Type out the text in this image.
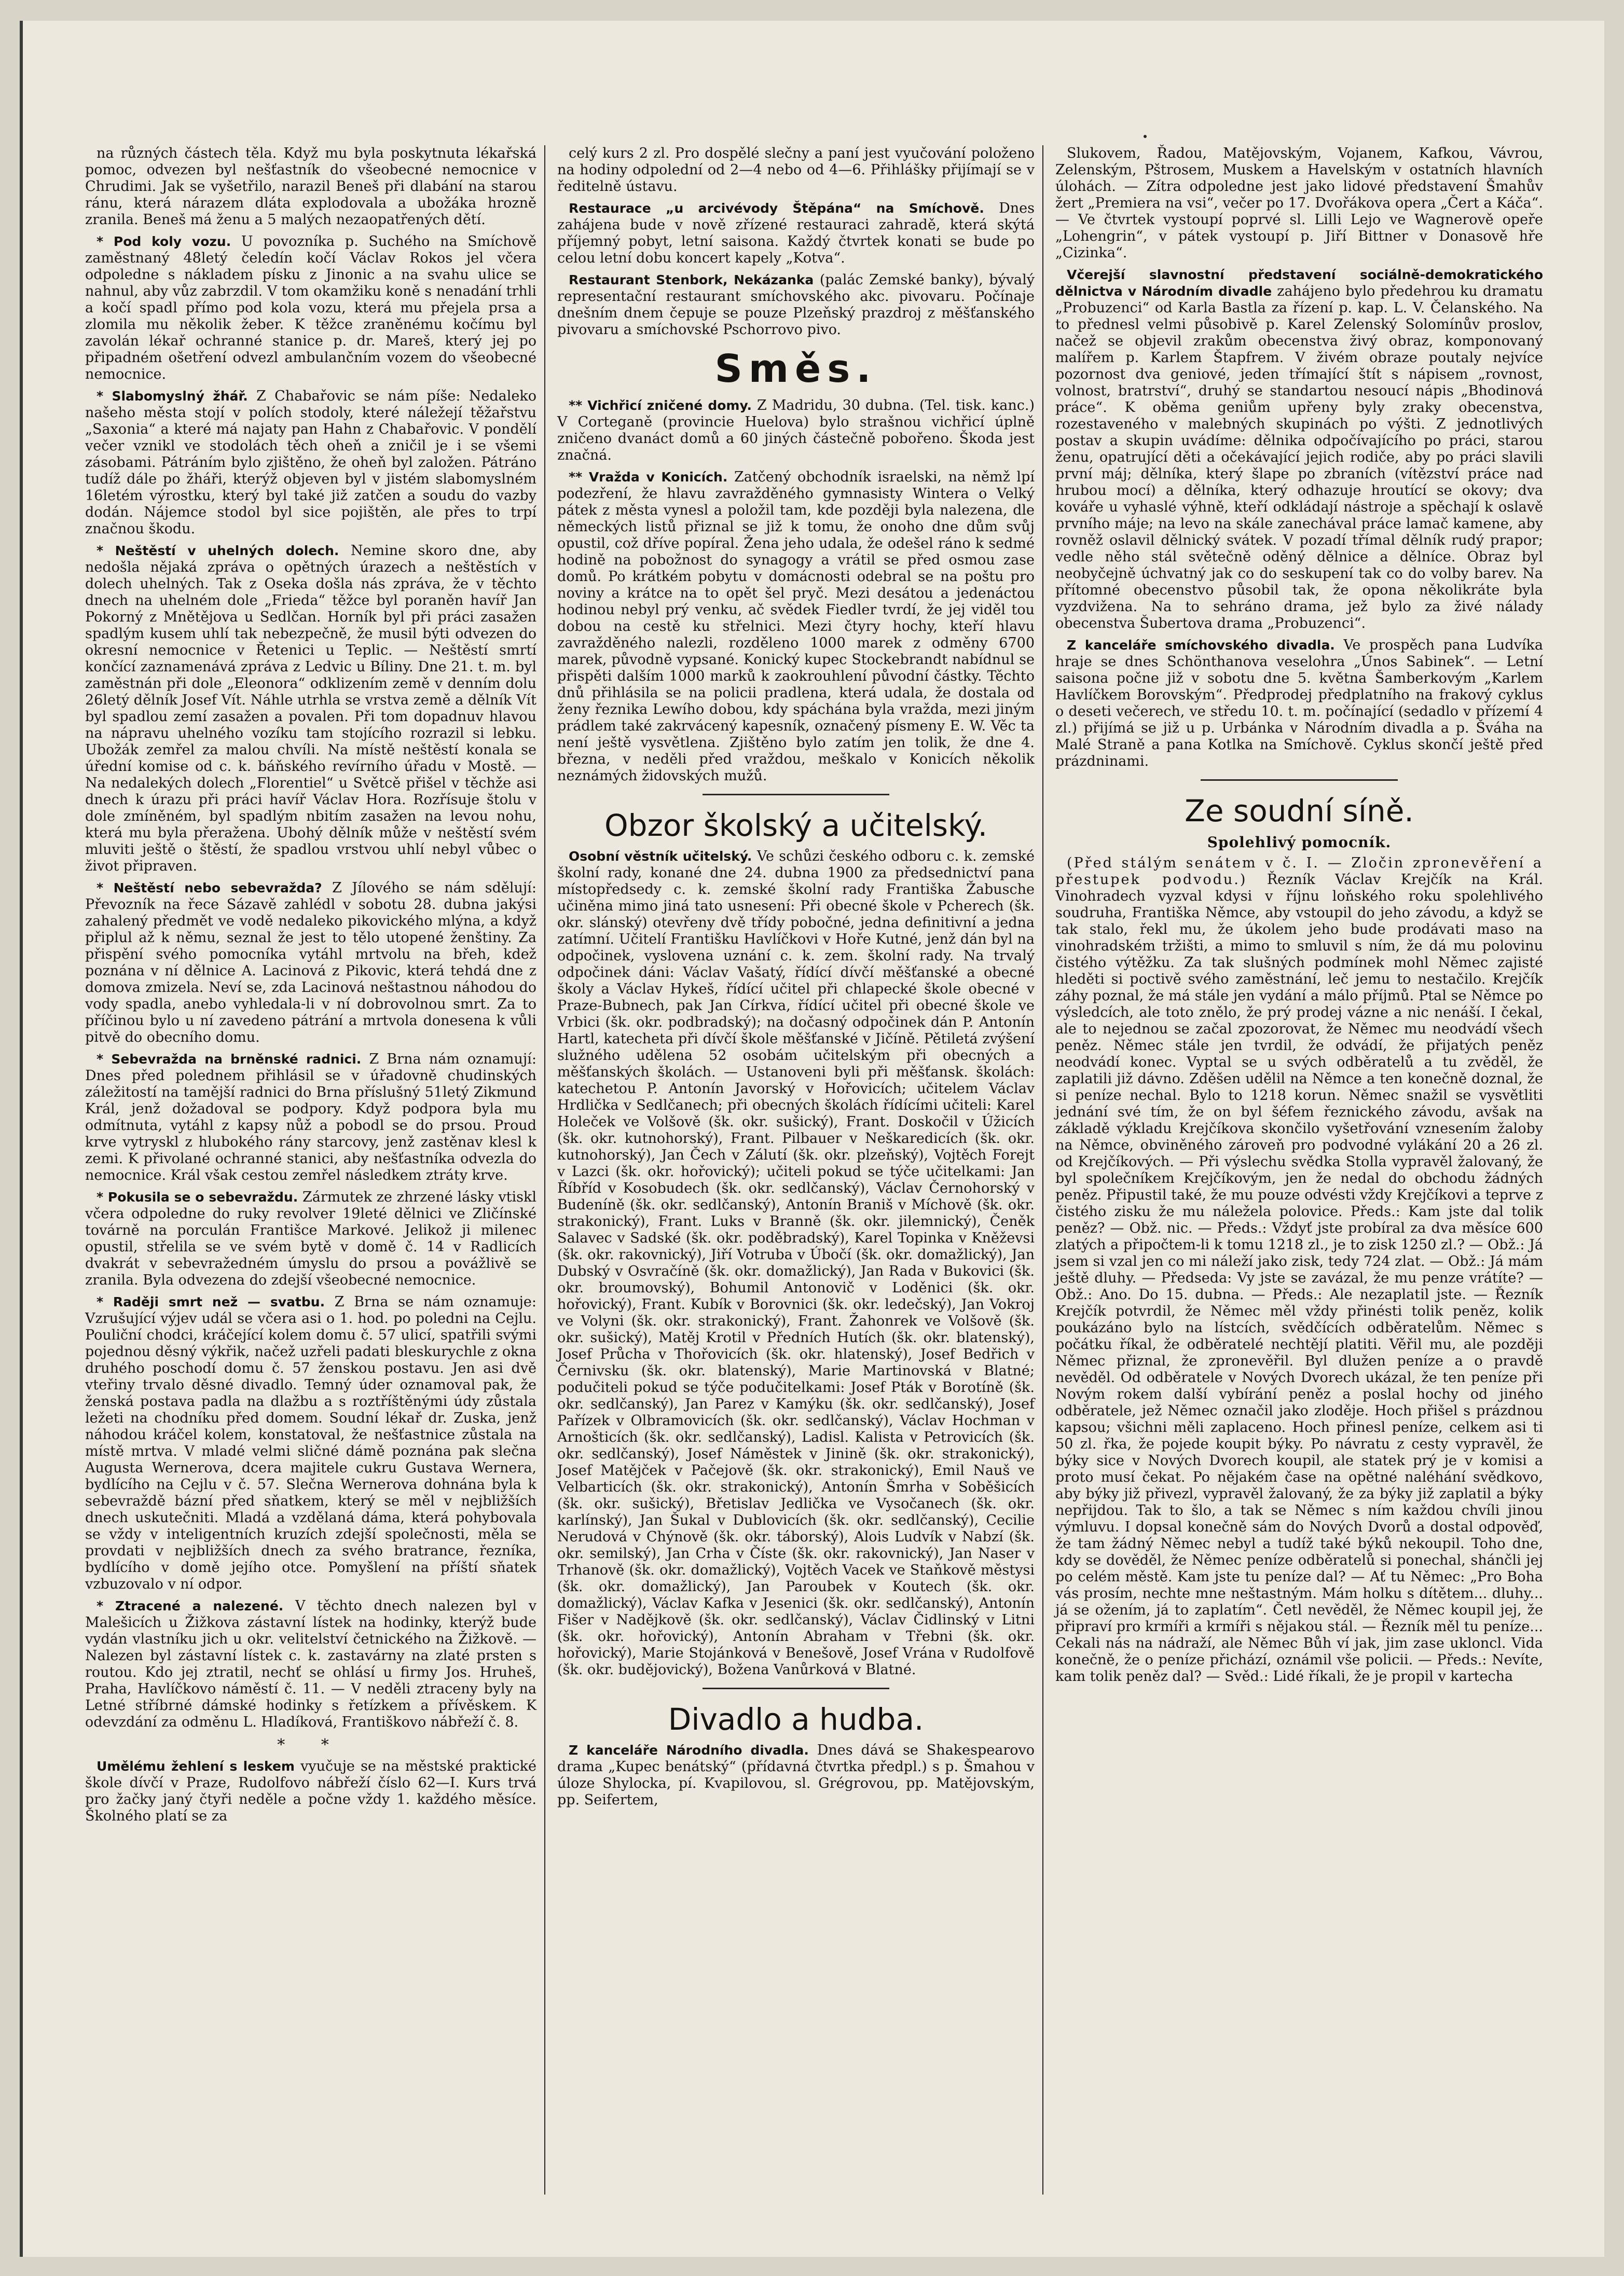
na různých částech těla. Když mu byla poskytnuta lékařská pomoc, odvezen byl nešťastník do všeobecné nemocnice v Chrudimi. Jak se vyšetřilo, narazil Beneš při dlabání na starou ránu, která nárazem dláta explodovala a ubožáka hrozně zranila. Beneš má ženu a 5 malých nezaopatřených dětí.

* Pod koly vozu. U povozníka p. Suchého na Smíchově zaměstnaný 48letý čeledín kočí Václav Rokos jel včera odpoledne s nákladem písku z Jinonic a na svahu ulice se nahnul, aby vůz zabrzdil. V tom okamžiku koně s nenadání trhli a kočí spadl přímo pod kola vozu, která mu přejela prsa a zlomila mu několik žeber. K těžce zraněnému kočímu byl zavolán lékař ochranné stanice p. dr. Mareš, který jej po připadném ošetření odvezl ambulančním vozem do všeobecné nemocnice.

* Slabomyslný žhář. Z Chabařovic se nám píše: Nedaleko našeho města stojí v polích stodoly, které náležejí těžařstvu „Saxonia“ a které má najaty pan Hahn z Chabařovic. V pondělí večer vznikl ve stodolách těch oheň a zničil je i se všemi zásobami. Pátráním bylo zjištěno, že oheň byl založen. Pátráno tudíž dále po žháři, kterýž objeven byl v jistém slabomyslném 16letém výrostku, který byl také již zatčen a soudu do vazby dodán. Nájemce stodol byl sice pojištěn, ale přes to trpí značnou škodu.

* Neštěstí v uhelných dolech. Nemine skoro dne, aby nedošla nějaká zpráva o opětných úrazech a neštěstích v dolech uhelných. Tak z Oseka došla nás zpráva, že v těchto dnech na uhelném dole „Frieda“ těžce byl poraněn havíř Jan Pokorný z Mnětějova u Sedlčan. Horník byl při práci zasažen spadlým kusem uhlí tak nebezpečně, že musil býti odvezen do okresní nemocnice v Řetenici u Teplic. — Neštěstí smrtí končící zaznamenává zpráva z Ledvic u Bíliny. Dne 21. t. m. byl zaměstnán při dole „Eleonora“ odklizením země v denním dolu 26letý dělník Josef Vít. Náhle utrhla se vrstva země a dělník Vít byl spadlou zemí zasažen a povalen. Při tom dopadnuv hlavou na nápravu uhelného vozíku tam stojícího rozrazil si lebku. Ubožák zemřel za malou chvíli. Na místě neštěstí konala se úřední komise od c. k. báňského revírního úřadu v Mostě. — Na nedalekých dolech „Florentiel“ u Světcě přišel v těchže asi dnech k úrazu při práci havíř Václav Hora. Rozřísuje štolu v dole zmíněném, byl spadlým nbitím zasažen na levou nohu, která mu byla přeražena. Ubohý dělník může v neštěstí svém mluviti ještě o štěstí, že spadlou vrstvou uhlí nebyl vůbec o život připraven.

* Neštěstí nebo sebevražda? Z Jílového se nám sdělují: Převozník na řece Sázavě zahlédl v sobotu 28. dubna jakýsi zahalený předmět ve vodě nedaleko pikovického mlýna, a když připlul až k němu, seznal že jest to tělo utopené ženštiny. Za přispění svého pomocníka vytáhl mrtvolu na břeh, kdež poznána v ní dělnice A. Lacinová z Pikovic, která tehdá dne z domova zmizela. Neví se, zda Lacinová neštastnou náhodou do vody spadla, anebo vyhledala-li v ní dobrovolnou smrt. Za to příčinou bylo u ní zavedeno pátrání a mrtvola donesena k vůli pitvě do obecního domu.

* Sebevražda na brněnské radnici. Z Brna nám oznamují: Dnes před polednem přihlásil se v úřadovně chudinských záležitostí na tamější radnici do Brna příslušný 51letý Zikmund Král, jenž dožadoval se podpory. Když podpora byla mu odmítnuta, vytáhl z kapsy nůž a pobodl se do prsou. Proud krve vytryskl z hlubokého rány starcovy, jenž zastěnav klesl k zemi. K přivolané ochranné stanici, aby nešťastníka odvezla do nemocnice. Král však cestou zemřel následkem ztráty krve.

* Pokusila se o sebevraždu. Zármutek ze zhrzené lásky vtiskl včera odpoledne do ruky revolver 19leté dělnici ve Zličínské továrně na porculán Františce Markové. Jelikož ji milenec opustil, střelila se ve svém bytě v domě č. 14 v Radlicích dvakrát v sebevražedném úmyslu do prsou a povážlivě se zranila. Byla odvezena do zdejší všeobecné nemocnice.

* Raději smrt než — svatbu. Z Brna se nám oznamuje: Vzrušující výjev udál se včera asi o 1. hod. po poledni na Cejlu. Pouliční chodci, kráčející kolem domu č. 57 ulicí, spatřili svými pojednou děsný výkřik, načež uzřeli padati bleskurychle z okna druhého poschodí domu č. 57 ženskou postavu. Jen asi dvě vteřiny trvalo děsné divadlo. Temný úder oznamoval pak, že ženská postava padla na dlažbu a s roztříštěnými údy zůstala ležeti na chodníku před domem. Soudní lékař dr. Zuska, jenž náhodou kráčel kolem, konstatoval, že nešťastnice zůstala na místě mrtva. V mladé velmi sličné dámě poznána pak slečna Augusta Wernerova, dcera majitele cukru Gustava Wernera, bydlícího na Cejlu v č. 57. Slečna Wernerova dohnána byla k sebevraždě bázní před sňatkem, který se měl v nejbližších dnech uskutečniti. Mladá a vzdělaná dáma, která pohybovala se vždy v inteligentních kruzích zdejší společnosti, měla se provdati v nejbližších dnech za svého bratrance, řezníka, bydlícího v domě jejího otce. Pomyšlení na příští sňatek vzbuzovalo v ní odpor.

* Ztracené a nalezené. V těchto dnech nalezen byl v Malešicích u Žižkova zástavní lístek na hodinky, kterýž bude vydán vlastníku jich u okr. velitelství četnického na Žižkově. — Nalezen byl zástavní lístek c. k. zastavárny na zlaté prsten s routou. Kdo jej ztratil, nechť se ohlásí u firmy Jos. Hruheš, Praha, Havlíčkovo náměstí č. 11. — V neděli ztraceny byly na Letné stříbrné dámské hodinky s řetízkem a přívěskem. K odevzdání za odměnu L. Hladíková, Františkovo nábřeží č. 8.

* *

Umělému žehlení s leskem vyučuje se na městské praktické škole dívčí v Praze, Rudolfovo nábřeží číslo 62—I. Kurs trvá pro žačky janý čtyři neděle a počne vždy 1. každého měsíce. Školného platí se za

celý kurs 2 zl. Pro dospělé slečny a paní jest vyučování položeno na hodiny odpolední od 2—4 nebo od 4—6. Přihlášky přijímají se v ředitelně ústavu.

Restaurace „u arcivévody Štěpána“ na Smíchově. Dnes zahájena bude v nově zřízené restauraci zahradě, která skýtá příjemný pobyt, letní saisona. Každý čtvrtek konati se bude po celou letní dobu koncert kapely „Kotva“.

Restaurant Stenbork, Nekázanka (palác Zemské banky), bývalý representační restaurant smíchovského akc. pivovaru. Počínaje dnešním dnem čepuje se pouze Plzeňský prazdroj z měšťanského pivovaru a smíchovské Pschorrovo pivo.

Směs.

** Vichřicí zničené domy. Z Madridu, 30 dubna. (Tel. tisk. kanc.) V Corteganě (provincie Huelova) bylo strašnou vichřicí úplně zničeno dvanáct domů a 60 jiných částečně pobořeno. Škoda jest značná.

** Vražda v Konicích. Zatčený obchodník israelski, na němž lpí podezření, že hlavu zavražděného gymnasisty Wintera o Velký pátek z města vynesl a položil tam, kde později byla nalezena, dle německých listů přiznal se již k tomu, že onoho dne dům svůj opustil, což dříve popíral. Žena jeho udala, že odešel ráno k sedmé hodině na pobožnost do synagogy a vrátil se před osmou zase domů. Po krátkém pobytu v domácnosti odebral se na poštu pro noviny a krátce na to opět šel pryč. Mezi desátou a jedenáctou hodinou nebyl prý venku, ač svědek Fiedler tvrdí, že jej viděl tou dobou na cestě ku střelnici. Mezi čtyry hochy, kteří hlavu zavražděného nalezli, rozděleno 1000 marek z odměny 6700 marek, původně vypsané. Konický kupec Stockebrandt nabídnul se přispěti dalším 1000 marků k zaokrouhlení původní částky. Těchto dnů přihlásila se na policii pradlena, která udala, že dostala od ženy řeznika Lewího dobou, kdy spáchána byla vražda, mezi jiným prádlem také zakrvácený kapesník, označený písmeny E. W. Věc ta není ještě vysvětlena. Zjištěno bylo zatím jen tolik, že dne 4. března, v neděli před vraždou, meškalo v Konicích několik neznámých židovských mužů.

Obzor školský a učitelský.

Osobní věstník učitelský. Ve schůzi českého odboru c. k. zemské školní rady, konané dne 24. dubna 1900 za předsednictví pana místopředsedy c. k. zemské školní rady Františka Žabusche učiněna mimo jiná tato usnesení: Při obecné škole v Pcherech (šk. okr. slánský) otevřeny dvě třídy pobočné, jedna definitivní a jedna zatímní. Učitelí Františku Havlíčkovi v Hoře Kutné, jenž dán byl na odpočinek, vyslovena uznání c. k. zem. školní rady. Na trvalý odpočinek dáni: Václav Vašatý, řídící dívčí měšťanské a obecné školy a Václav Hykeš, řídící učitel při chlapecké škole obecné v Praze-Bubnech, pak Jan Církva, řídící učitel při obecné škole ve Vrbici (šk. okr. podbradský); na dočasný odpočinek dán P. Antonín Hartl, katecheta při dívčí škole měšťanské v Jičíně. Pětiletá zvýšení služného udělena 52 osobám učitelským při obecných a měšťanských školách. — Ustanoveni byli při měšťansk. školách: katechetou P. Antonín Javorský v Hořovicích; učitelem Václav Hrdlička v Sedlčanech; při obecných školách řídícími učiteli: Karel Holeček ve Volšově (šk. okr. sušický), Frant. Doskočil v Úžicích (šk. okr. kutnohorský), Frant. Pilbauer v Neškaredicích (šk. okr. kutnohorský), Jan Čech v Zálutí (šk. okr. plzeňský), Vojtěch Forejt v Lazci (šk. okr. hořovický); učiteli pokud se týče učitelkami: Jan Říbříd v Kosobudech (šk. okr. sedlčanský), Václav Černohorský v Budeníně (šk. okr. sedlčanský), Antonín Braniš v Míchově (šk. okr. strakonický), Frant. Luks v Branně (šk. okr. jilemnický), Čeněk Salavec v Sadské (šk. okr. poděbradský), Karel Topinka v Kněževsi (šk. okr. rakovnický), Jiří Votruba v Úbočí (šk. okr. domažlický), Jan Dubský v Osvračíně (šk. okr. domažlický), Jan Rada v Bukovici (šk. okr. broumovský), Bohumil Antonovič v Loděnici (šk. okr. hořovický), Frant. Kubík v Borovnici (šk. okr. ledečský), Jan Vokroj ve Volyni (šk. okr. strakonický), Frant. Žahonrek ve Volšově (šk. okr. sušický), Matěj Krotil v Předních Hutích (šk. okr. blatenský), Josef Průcha v Thořovicích (šk. okr. hlatenský), Josef Bedřich v Černivsku (šk. okr. blatenský), Marie Martinovská v Blatné; podučiteli pokud se týče podučitelkami: Josef Pták v Borotíně (šk. okr. sedlčanský), Jan Parez v Kamýku (šk. okr. sedlčanský), Josef Pařízek v Olbramovicích (šk. okr. sedlčanský), Václav Hochman v Arnošticích (šk. okr. sedlčanský), Ladisl. Kalista v Petrovicích (šk. okr. sedlčanský), Josef Náměstek v Jinině (šk. okr. strakonický), Josef Matějček v Pačejově (šk. okr. strakonický), Emil Nauš ve Velbarticích (šk. okr. strakonický), Antonín Šmrha v Soběšicích (šk. okr. sušický), Břetislav Jedlička ve Vysočanech (šk. okr. karlínský), Jan Šukal v Dublovicích (šk. okr. sedlčanský), Cecilie Nerudová v Chýnově (šk. okr. táborský), Alois Ludvík v Nabzí (šk. okr. semilský), Jan Crha v Číste (šk. okr. rakovnický), Jan Naser v Trhanově (šk. okr. domažlický), Vojtěch Vacek ve Staňkově městysi (šk. okr. domažlický), Jan Paroubek v Koutech (šk. okr. domažlický), Václav Kafka v Jesenici (šk. okr. sedlčanský), Antonín Fišer v Nadějkově (šk. okr. sedlčanský), Václav Čidlinský v Litni (šk. okr. hořovický), Antonín Abraham v Třebni (šk. okr. hořovický), Marie Stojánková v Benešově, Josef Vrána v Rudolfově (šk. okr. budějovický), Božena Vanůrková v Blatné.

Divadlo a hudba.

Z kanceláře Národního divadla. Dnes dává se Shakespearovo drama „Kupec benátský“ (přídavná čtvrtka předpl.) s p. Šmahou v úloze Shylocka, pí. Kvapilovou, sl. Grégrovou, pp. Matějovským, pp. Seifertem,

Slukovem, Řadou, Matějovským, Vojanem, Kafkou, Vávrou, Zelenským, Pštrosem, Muskem a Havelským v ostatních hlavních úlohách. — Zítra odpoledne jest jako lidové představení Šmahův žert „Premiera na vsi“, večer po 17. Dvořákova opera „Čert a Káča“. — Ve čtvrtek vystoupí poprvé sl. Lilli Lejo ve Wagnerově opeře „Lohengrin“, v pátek vystoupí p. Jiří Bittner v Donasově hře „Cizinka“.

Včerejší slavnostní představení sociálně-demokratického dělnictva v Národním divadle zahájeno bylo předehrou ku dramatu „Probuzenci“ od Karla Bastla za řízení p. kap. L. V. Čelanského. Na to přednesl velmi působivě p. Karel Zelenský Solomínův proslov, načež se objevil zrakům obecenstva živý obraz, komponovaný malířem p. Karlem Štapfrem. V živém obraze poutaly nejvíce pozornost dva geniové, jeden třímající štít s nápisem „rovnost, volnost, bratrství“, druhý se standartou nesoucí nápis „Bhodinová práce“. K oběma geniům upřeny byly zraky obecenstva, rozestaveného v malebných skupinách po výšti. Z jednotlivých postav a skupin uvádíme: dělnika odpočívajícího po práci, starou ženu, opatrující děti a očekávající jejich rodiče, aby po práci slavili první máj; dělníka, který šlape po zbraních (vítězství práce nad hrubou mocí) a dělníka, který odhazuje hroutící se okovy; dva kováře u vyhaslé výhně, kteří odkládají nástroje a spěchají k oslavě prvního máje; na levo na skále zanechával práce lamač kamene, aby rovněž oslavil dělnický svátek. V pozadí třímal dělník rudý prapor; vedle něho stál světečně oděný dělnice a dělníce. Obraz byl neobyčejně úchvatný jak co do seskupení tak co do volby barev. Na přítomné obecenstvo působil tak, že opona několikráte byla vyzdvižena. Na to sehráno drama, jež bylo za živé nálady obecenstva Šubertova drama „Probuzenci“.

Z kanceláře smíchovského divadla. Ve prospěch pana Ludvíka hraje se dnes Schönthanova veselohra „Únos Sabinek“. — Letní saisona počne již v sobotu dne 5. května Šamberkovým „Karlem Havlíčkem Borovským“. Předprodej předplatního na frakový cyklus o deseti večerech, ve středu 10. t. m. počínající (sedadlo v přízemí 4 zl.) přijímá se již u p. Urbánka v Národním divadla a p. Šváha na Malé Straně a pana Kotlka na Smíchově. Cyklus skončí ještě před prázdninami.

Ze soudní síně.
Spolehlivý pomocník.

(Před stálým senátem v č. I. — Zločin zpronevěření a přestupek podvodu.) Řezník Václav Krejčík na Král. Vinohradech vyzval kdysi v říjnu loňského roku spolehlivého soudruha, Františka Němce, aby vstoupil do jeho závodu, a když se tak stalo, řekl mu, že úkolem jeho bude prodávati maso na vinohradském tržišti, a mimo to smluvil s ním, že dá mu polovinu čistého výtěžku. Za tak slušných podmínek mohl Němec zajisté hleděti si poctivě svého zaměstnání, leč jemu to nestačilo. Krejčík záhy poznal, že má stále jen vydání a málo příjmů. Ptal se Němce po výsledcích, ale toto znělo, že prý prodej vázne a nic nenáší. I čekal, ale to nejednou se začal zpozorovat, že Němec mu neodvádí všech peněz. Němec stále jen tvrdil, že odvádí, že přijatých peněz neodvádí konec. Vyptal se u svých odběratelů a tu zvěděl, že zaplatili již dávno. Zděšen udělil na Němce a ten konečně doznal, že si peníze nechal. Bylo to 1218 korun. Němec snažil se vysvětliti jednání své tím, že on byl šéfem řeznického závodu, avšak na základě výkladu Krejčíkova skončilo vyšetřování vznesením žaloby na Němce, obviněného zároveň pro podvodné vylákání 20 a 26 zl. od Krejčíkových. — Při výslechu svědka Stolla vypravěl žalovaný, že byl společníkem Krejčíkovým, jen že nedal do obchodu žádných peněz. Připustil také, že mu pouze odvésti vždy Krejčíkovi a teprve z čistého zisku že mu náležela polovice. Předs.: Kam jste dal tolik peněz? — Obž. nic. — Předs.: Vždyť jste probíral za dva měsíce 600 zlatých a připočtem-li k tomu 1218 zl., je to zisk 1250 zl.? — Obž.: Já jsem si vzal jen co mi náleží jako zisk, tedy 724 zlat. — Obž.: Já mám ještě dluhy. — Předseda: Vy jste se zavázal, že mu penze vrátíte? — Obž.: Ano. Do 15. dubna. — Předs.: Ale nezaplatil jste. — Řezník Krejčík potvrdil, že Němec měl vždy přinésti tolik peněz, kolik poukázáno bylo na lístcích, svědčících odběratelům. Němec s počátku říkal, že odběratelé nechtějí platiti. Věřil mu, ale později Němec přiznal, že zpronevěřil. Byl dlužen peníze a o pravdě nevěděl. Od odběratele v Nových Dvorech ukázal, že ten peníze při Novým rokem další vybírání peněz a poslal hochy od jiného odběratele, jež Němec označil jako zloděje. Hoch přišel s prázdnou kapsou; všichni měli zaplaceno. Hoch přinesl peníze, celkem asi ti 50 zl. řka, že pojede koupit býky. Po návratu z cesty vypravěl, že býky sice v Nových Dvorech koupil, ale statek prý je v komisi a proto musí čekat. Po nějakém čase na opětné naléhání svědkovo, aby býky již přivezl, vypravěl žalovaný, že za býky již zaplatil a býky nepřijdou. Tak to šlo, a tak se Němec s ním každou chvíli jinou výmluvu. I dopsal konečně sám do Nových Dvorů a dostal odpověď, že tam žádný Němec nebyl a tudíž také býků nekoupil. Toho dne, kdy se dověděl, že Němec peníze odběratelů si ponechal, shánčli jej po celém městě. Kam jste tu peníze dal? — Ať tu Němec: „Pro Boha vás prosím, nechte mne neštastným. Mám holku s dítětem... dluhy... já se ožením, já to zaplatím“. Četl nevěděl, že Němec koupil jej, že připraví pro krmíři a krmíři s nějakou stál. — Řezník měl tu peníze... Cekali nás na nádraží, ale Němec Bůh ví jak, jim zase ukloncl. Vida konečně, že o peníze přichází, oznámil vše policii. — Předs.: Nevíte, kam tolik peněz dal? — Svěd.: Lidé říkali, že je propil v kartecha
